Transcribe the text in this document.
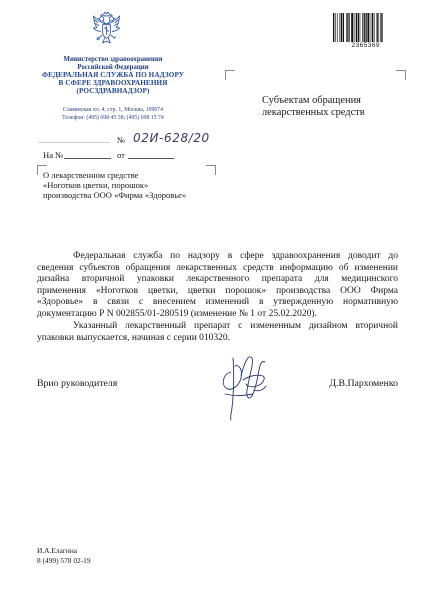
Министерство здравоохранения
Российской Федерации
ФЕДЕРАЛЬНАЯ СЛУЖБА ПО НАДЗОРУ
В СФЕРЕ ЗДРАВООХРАНЕНИЯ
(РОСЗДРАВНАДЗОР)
Славянская пл. 4, стр. 1, Москва, 109074
Телефон: (495) 698 45 38; (495) 698 15 74
№ 02И-628/20
На №	от
2365369
Субъектам обращения
лекарственных средств
О лекарственном средстве
«Ноготков цветки, порошок»
производства ООО «Фирма «Здоровье»
Федеральная служба по надзору в сфере здравоохранения доводит до
сведения субъектов обращения лекарственных средств информацию об изменении
дизайна вторичной упаковки лекарственного препарата для медицинского
применения «Ноготков цветки, цветки порошок» производства ООО Фирма
«Здоровье» в связи с внесением изменений в утвержденную нормативную
документацию Р N 002855/01-280519 (изменение № 1 от 25.02.2020).
Указанный лекарственный препарат с измененным дизайном вторичной
упаковки выпускается, начиная с серии 010320.
Врио руководителя	Д.В.Пархоменко
И.А.Елагина
8 (499) 578 02-19
